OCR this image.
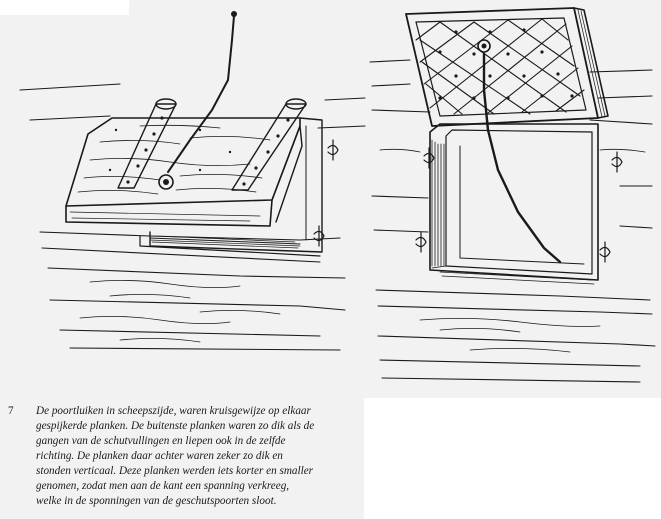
7 De poortluiken in scheepszijde, waren kruisgewijze op elkaar
gespijkerde planken. De buitenste planken waren zo dik als de
gangen van de schutvullingen en liepen ook in de zelfde
richting. De planken daar achter waren zeker zo dik en
stonden verticaal. Deze planken werden iets korter en smaller
genomen, zodat men aan de kant een spanning verkreeg,
welke in de sponningen van de geschutspoorten sloot.
